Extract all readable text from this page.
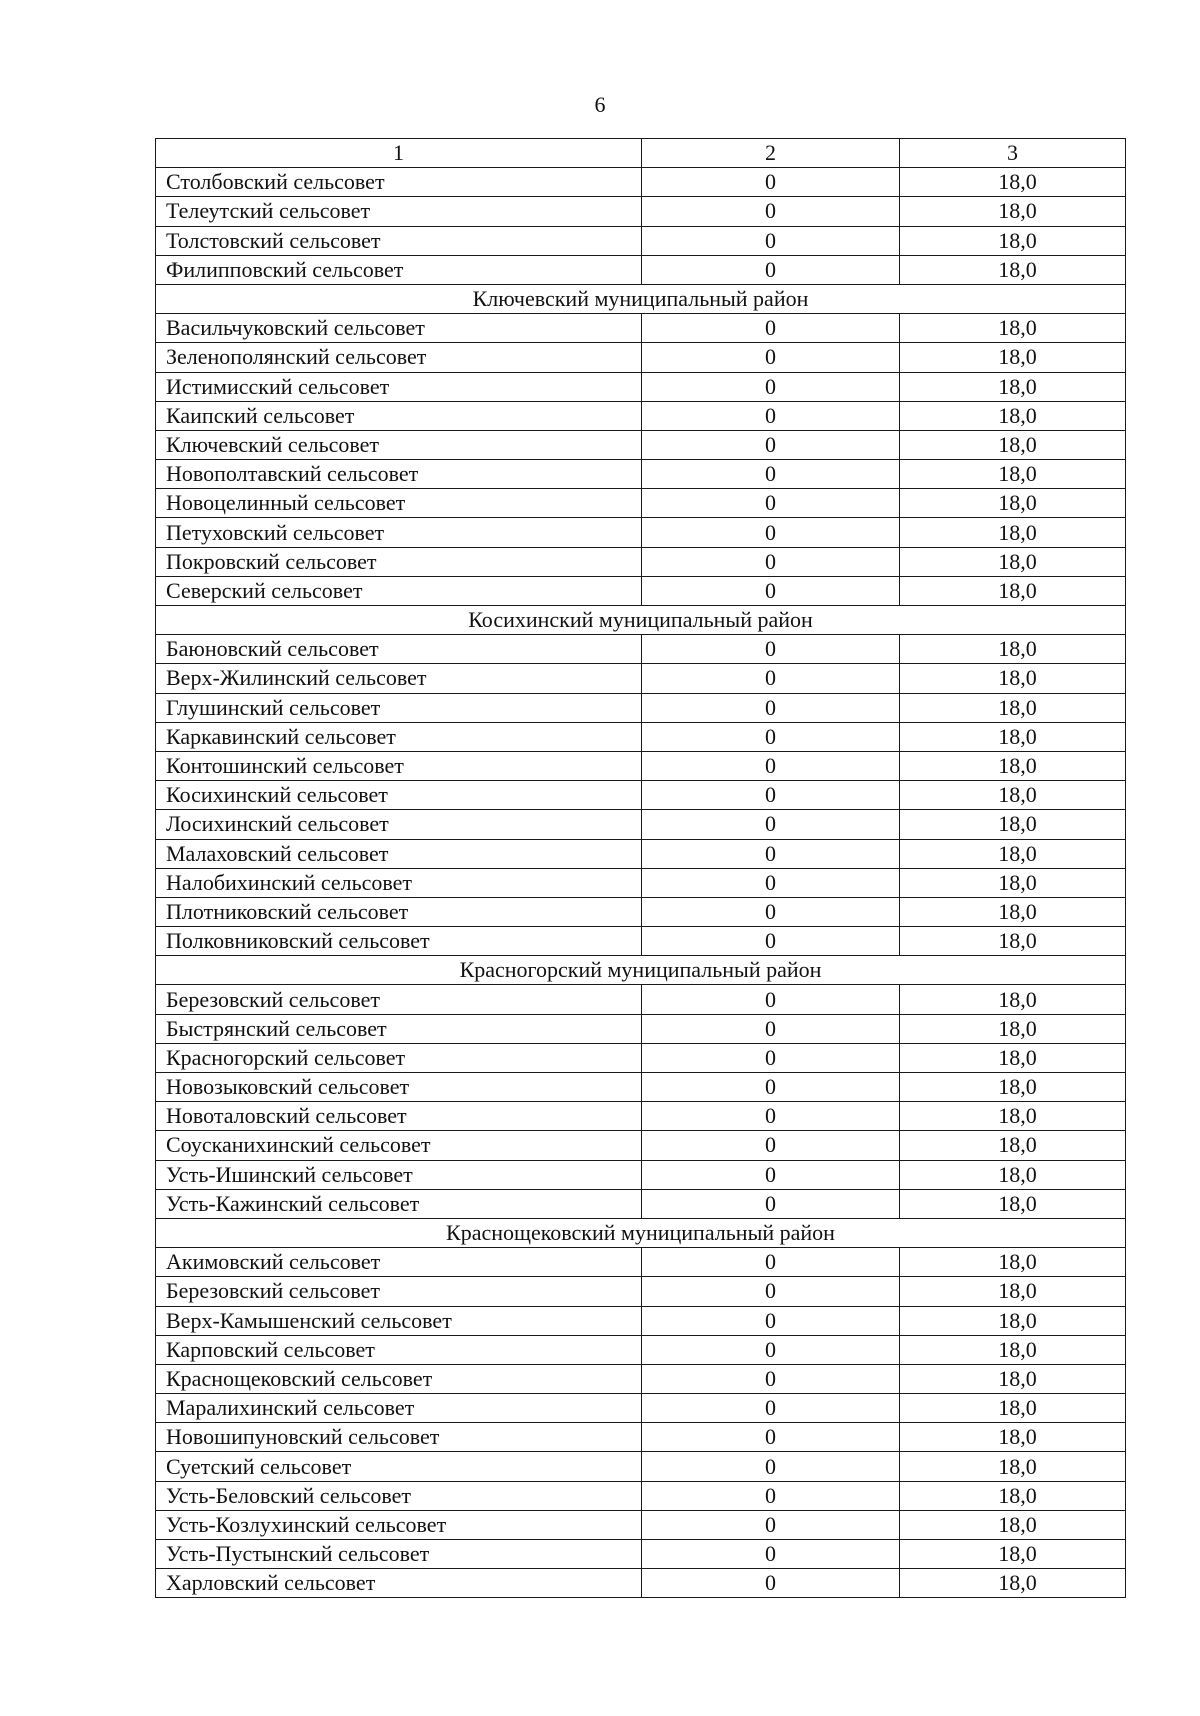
6
1	2	3
Столбовский сельсовет	0	18,0
Телеутский сельсовет	0	18,0
Толстовский сельсовет	0	18,0
Филипповский сельсовет	0	18,0
Ключевский муниципальный район		
Васильчуковский сельсовет	0	18,0
Зеленополянский сельсовет	0	18,0
Истимисский сельсовет	0	18,0
Каипский сельсовет	0	18,0
Ключевский сельсовет	0	18,0
Новополтавский сельсовет	0	18,0
Новоцелинный сельсовет	0	18,0
Петуховский сельсовет	0	18,0
Покровский сельсовет	0	18,0
Северский сельсовет	0	18,0
Косихинский муниципальный район		
Баюновский сельсовет	0	18,0
Верх-Жилинский сельсовет	0	18,0
Глушинский сельсовет	0	18,0
Каркавинский сельсовет	0	18,0
Контошинский сельсовет	0	18,0
Косихинский сельсовет	0	18,0
Лосихинский сельсовет	0	18,0
Малаховский сельсовет	0	18,0
Налобихинский сельсовет	0	18,0
Плотниковский сельсовет	0	18,0
Полковниковский сельсовет	0	18,0
Красногорский муниципальный район		
Березовский сельсовет	0	18,0
Быстрянский сельсовет	0	18,0
Красногорский сельсовет	0	18,0
Новозыковский сельсовет	0	18,0
Новоталовский сельсовет	0	18,0
Соусканихинский сельсовет	0	18,0
Усть-Ишинский сельсовет	0	18,0
Усть-Кажинский сельсовет	0	18,0
Краснощековский муниципальный район		
Акимовский сельсовет	0	18,0
Березовский сельсовет	0	18,0
Верх-Камышенский сельсовет	0	18,0
Карповский сельсовет	0	18,0
Краснощековский сельсовет	0	18,0
Маралихинский сельсовет	0	18,0
Новошипуновский сельсовет	0	18,0
Суетский сельсовет	0	18,0
Усть-Беловский сельсовет	0	18,0
Усть-Козлухинский сельсовет	0	18,0
Усть-Пустынский сельсовет	0	18,0
Харловский сельсовет	0	18,0
